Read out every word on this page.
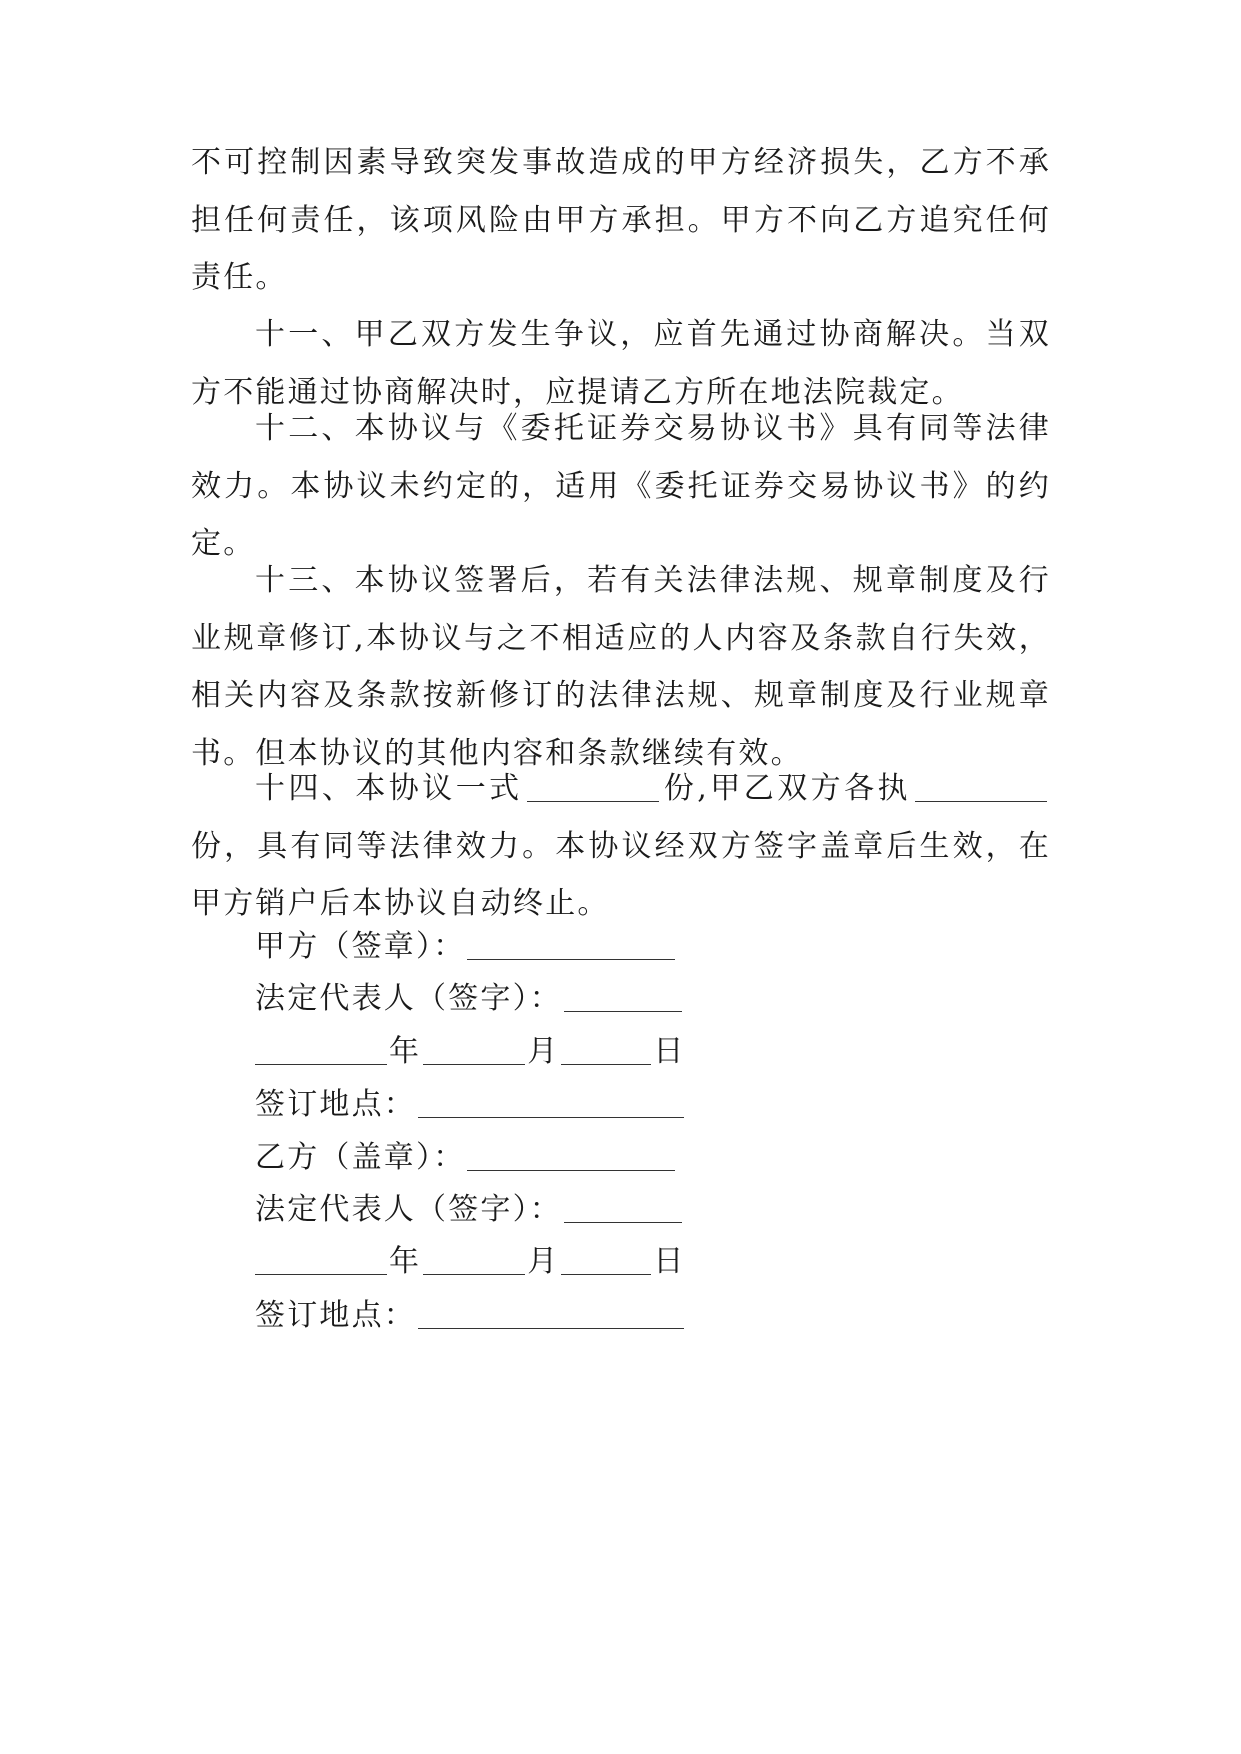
不可控制因素导致突发事故造成的甲方经济损失，乙方不承担任何责任，该项风险由甲方承担。甲方不向乙方追究任何责任。

十一、甲乙双方发生争议，应首先通过协商解决。当双方不能通过协商解决时，应提请乙方所在地法院裁定。

十二、本协议与《委托证券交易协议书》具有同等法律效力。本协议未约定的，适用《委托证券交易协议书》的约定。

十三、本协议签署后，若有关法律法规、规章制度及行业规章修订,本协议与之不相适应的人内容及条款自行失效，相关内容及条款按新修订的法律法规、规章制度及行业规章书。但本协议的其他内容和条款继续有效。

十四、本协议一式	份,甲乙双方各执份，具有同等法律效力。本协议经双方签字盖章后生效，在甲方销户后本协议自动终止。

甲方（签章）：
法定代表人（签字）：
年	月	日
签订地点：
乙方（盖章）：
法定代表人（签字）：
年	月	日
签订地点：
